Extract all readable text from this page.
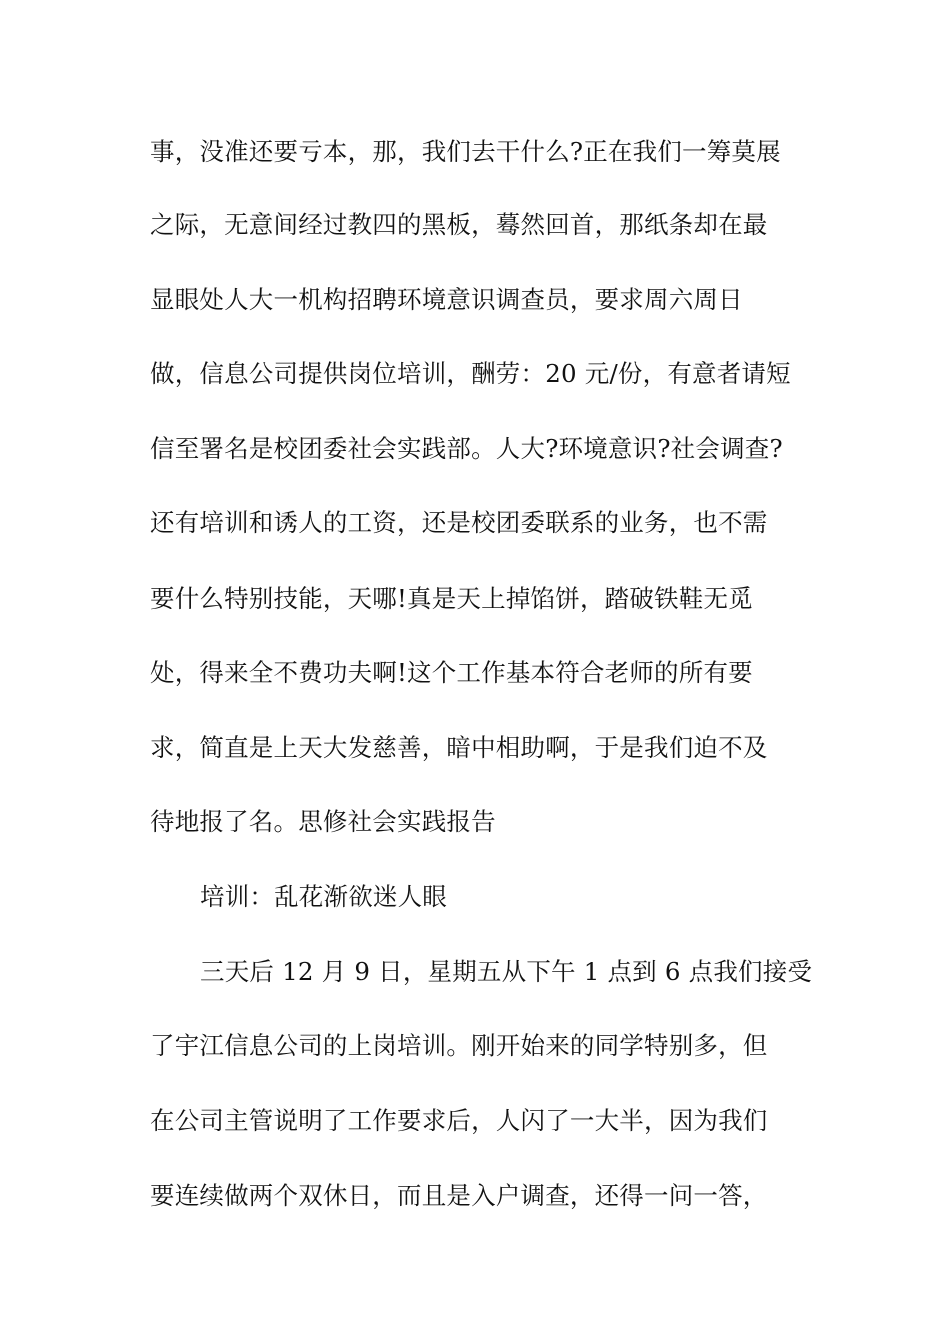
事，没准还要亏本，那，我们去干什么?正在我们一筹莫展
之际，无意间经过教四的黑板，蓦然回首，那纸条却在最
显眼处人大一机构招聘环境意识调查员，要求周六周日
做，信息公司提供岗位培训，酬劳：20 元/份，有意者请短
信至署名是校团委社会实践部。人大?环境意识?社会调查?
还有培训和诱人的工资，还是校团委联系的业务，也不需
要什么特别技能，天哪!真是天上掉馅饼，踏破铁鞋无觅
处，得来全不费功夫啊!这个工作基本符合老师的所有要
求，简直是上天大发慈善，暗中相助啊，于是我们迫不及
待地报了名。思修社会实践报告
培训：乱花渐欲迷人眼
三天后 12 月 9 日，星期五从下午 1 点到 6 点我们接受
了宇江信息公司的上岗培训。刚开始来的同学特别多，但
在公司主管说明了工作要求后，人闪了一大半，因为我们
要连续做两个双休日，而且是入户调查，还得一问一答，
